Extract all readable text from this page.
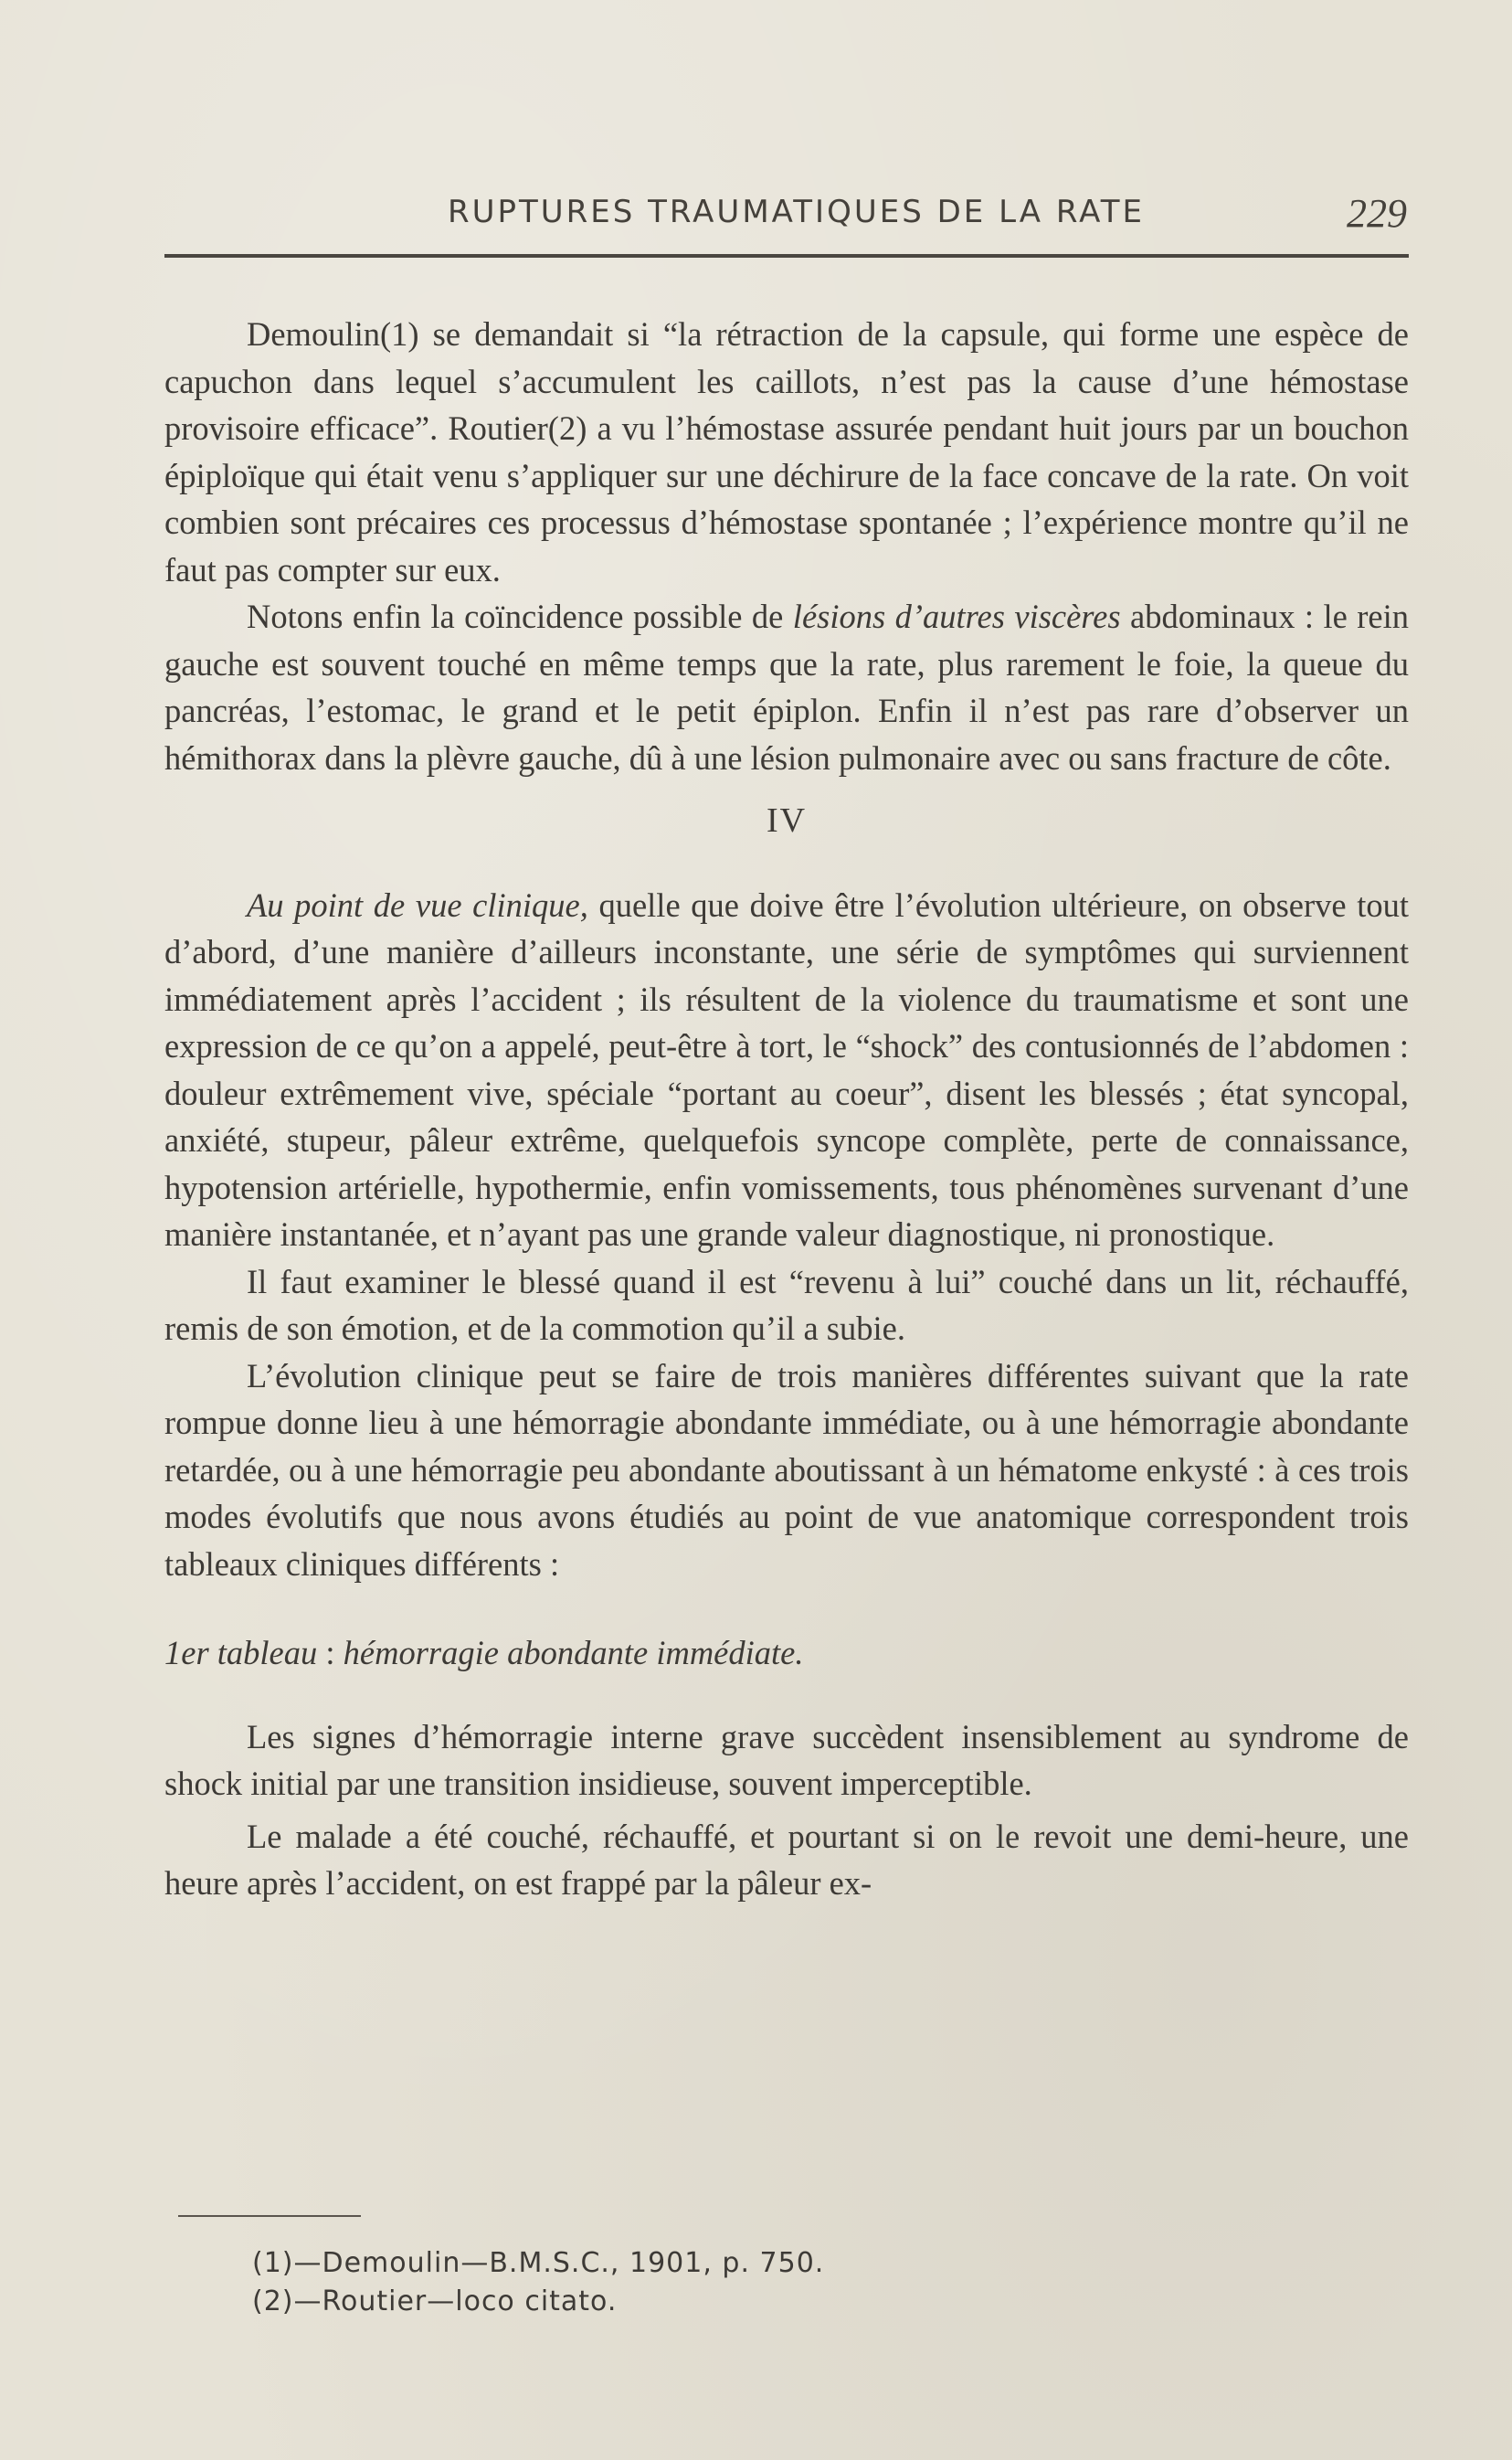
RUPTURES TRAUMATIQUES DE LA RATE	229

Demoulin(1) se demandait si “la rétraction de la capsule, qui forme une espèce de capuchon dans lequel s’accumulent les caillots, n’est pas la cause d’une hémostase provisoire efficace”. Routier(2) a vu l’hémostase assurée pendant huit jours par un bouchon épiploïque qui était venu s’appliquer sur une déchirure de la face concave de la rate. On voit combien sont précaires ces processus d’hémostase spontanée ; l’expérience montre qu’il ne faut pas compter sur eux.

Notons enfin la coïncidence possible de lésions d’autres viscères abdominaux : le rein gauche est souvent touché en même temps que la rate, plus rarement le foie, la queue du pancréas, l’estomac, le grand et le petit épiplon. Enfin il n’est pas rare d’observer un hémithorax dans la plèvre gauche, dû à une lésion pulmonaire avec ou sans fracture de côte.

IV

Au point de vue clinique, quelle que doive être l’évolution ultérieure, on observe tout d’abord, d’une manière d’ailleurs inconstante, une série de symptômes qui surviennent immédiatement après l’accident ; ils résultent de la violence du traumatisme et sont une expression de ce qu’on a appelé, peut-être à tort, le “shock” des contusionnés de l’abdomen : douleur extrêmement vive, spéciale “portant au coeur”, disent les blessés ; état syncopal, anxiété, stupeur, pâleur extrême, quelquefois syncope complète, perte de connaissance, hypotension artérielle, hypothermie, enfin vomissements, tous phénomènes survenant d’une manière instantanée, et n’ayant pas une grande valeur diagnostique, ni pronostique.

Il faut examiner le blessé quand il est “revenu à lui” couché dans un lit, réchauffé, remis de son émotion, et de la commotion qu’il a subie.

L’évolution clinique peut se faire de trois manières différentes suivant que la rate rompue donne lieu à une hémorragie abondante immédiate, ou à une hémorragie abondante retardée, ou à une hémorragie peu abondante aboutissant à un hématome enkysté : à ces trois modes évolutifs que nous avons étudiés au point de vue anatomique correspondent trois tableaux cliniques différents :

1er tableau : hémorragie abondante immédiate.

Les signes d’hémorragie interne grave succèdent insensiblement au syndrome de shock initial par une transition insidieuse, souvent imperceptible.

Le malade a été couché, réchauffé, et pourtant si on le revoit une demi-heure, une heure après l’accident, on est frappé par la pâleur ex-

(1)—Demoulin—B.M.S.C., 1901, p. 750.
(2)—Routier—loco citato.
